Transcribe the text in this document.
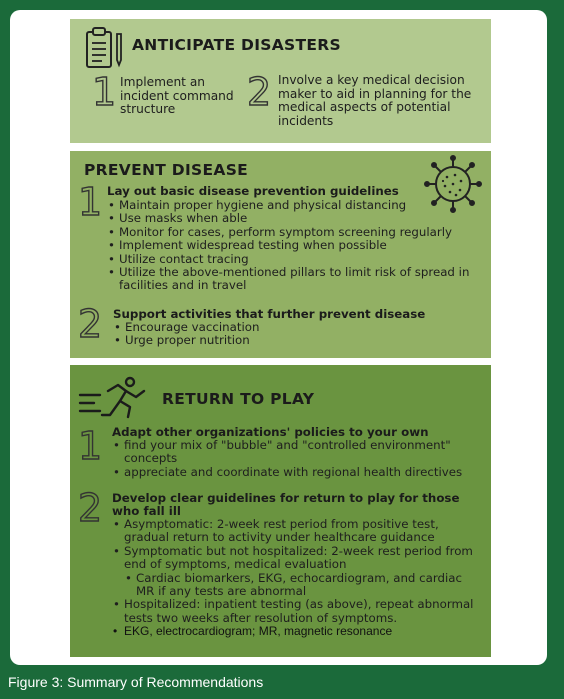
ANTICIPATE DISASTERS
1 Implement an incident command structure	2 Involve a key medical decision maker to aid in planning for the medical aspects of potential incidents
PREVENT DISEASE
1 Lay out basic disease prevention guidelines
• Maintain proper hygiene and physical distancing
• Use masks when able
• Monitor for cases, perform symptom screening regularly
• Implement widespread testing when possible
• Utilize contact tracing
• Utilize the above-mentioned pillars to limit risk of spread in facilities and in travel
2 Support activities that further prevent disease
• Encourage vaccination
• Urge proper nutrition
RETURN TO PLAY
1 Adapt other organizations' policies to your own
• find your mix of "bubble" and "controlled environment" concepts
• appreciate and coordinate with regional health directives
2 Develop clear guidelines for return to play for those who fall ill
• Asymptomatic: 2-week rest period from positive test, gradual return to activity under healthcare guidance
• Symptomatic but not hospitalized: 2-week rest period from end of symptoms, medical evaluation
• Cardiac biomarkers, EKG, echocardiogram, and cardiac MR if any tests are abnormal
• Hospitalized: inpatient testing (as above), repeat abnormal tests two weeks after resolution of symptoms.
• EKG, electrocardiogram; MR, magnetic resonance
Figure 3: Summary of Recommendations
